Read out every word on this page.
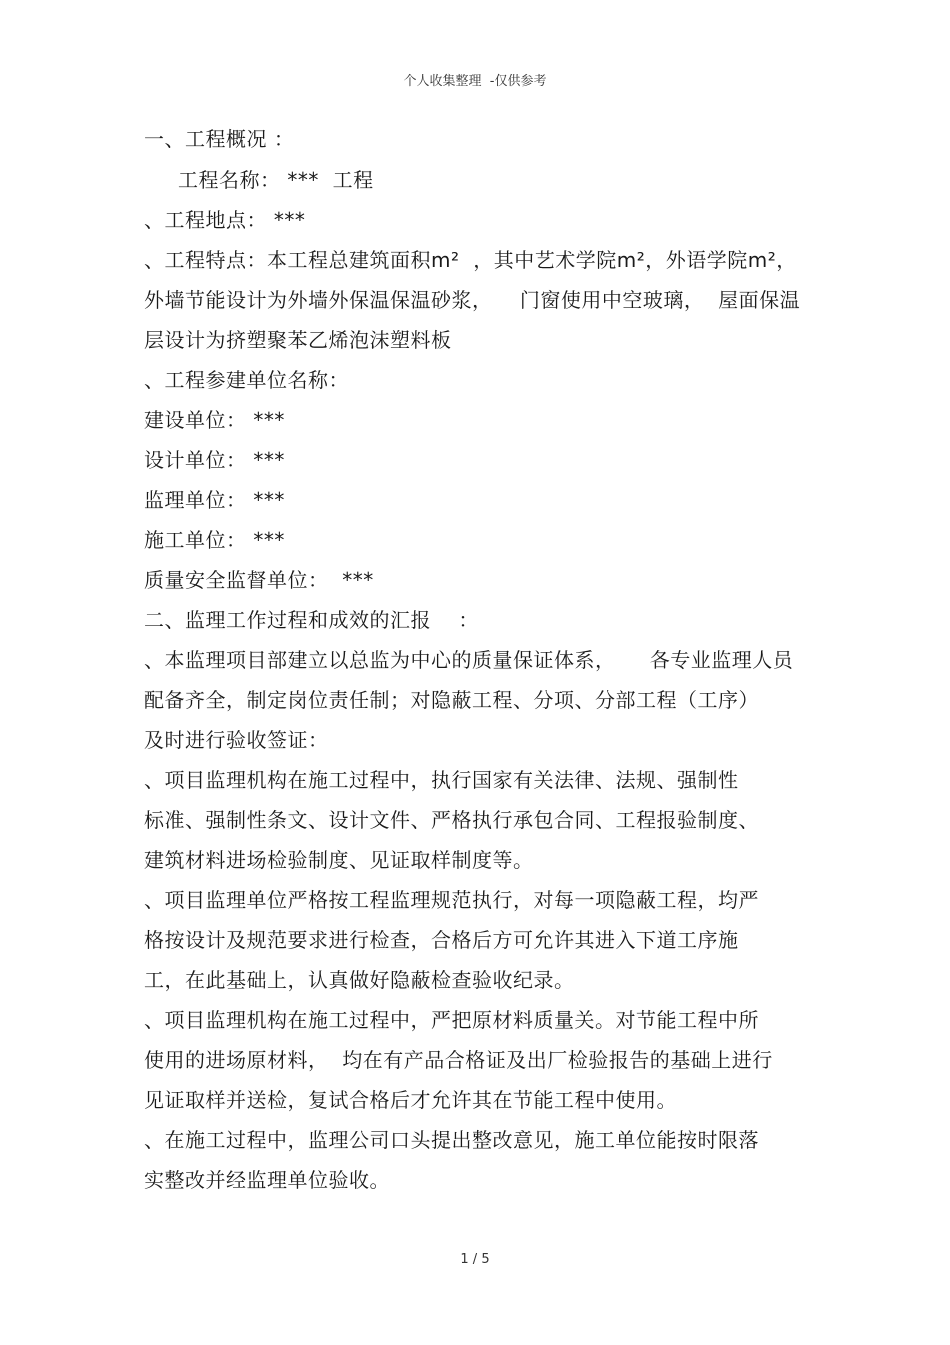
个人收集整理  -仅供参考
一、工程概况 ：
工程名称： ***  工程
、工程地点： ***
、工程特点：本工程总建筑面积m²  ，其中艺术学院m²，外语学院m²，
外墙节能设计为外墙外保温保温砂浆，    门窗使用中空玻璃，  屋面保温
层设计为挤塑聚苯乙烯泡沫塑料板
、工程参建单位名称：
建设单位： ***
设计单位： ***
监理单位： ***
施工单位： ***
质量安全监督单位：  ***
二、监理工作过程和成效的汇报    ：
、本监理项目部建立以总监为中心的质量保证体系，     各专业监理人员
配备齐全，制定岗位责任制；对隐蔽工程、分项、分部工程（工序）
及时进行验收签证：
、项目监理机构在施工过程中，执行国家有关法律、法规、强制性
标准、强制性条文、设计文件、严格执行承包合同、工程报验制度、
建筑材料进场检验制度、见证取样制度等。
、项目监理单位严格按工程监理规范执行，对每一项隐蔽工程，均严
格按设计及规范要求进行检查，合格后方可允许其进入下道工序施
工，在此基础上，认真做好隐蔽检查验收纪录。
、项目监理机构在施工过程中，严把原材料质量关。对节能工程中所
使用的进场原材料，  均在有产品合格证及出厂检验报告的基础上进行
见证取样并送检，复试合格后才允许其在节能工程中使用。
、在施工过程中，监理公司口头提出整改意见，施工单位能按时限落
实整改并经监理单位验收。
1 / 5
